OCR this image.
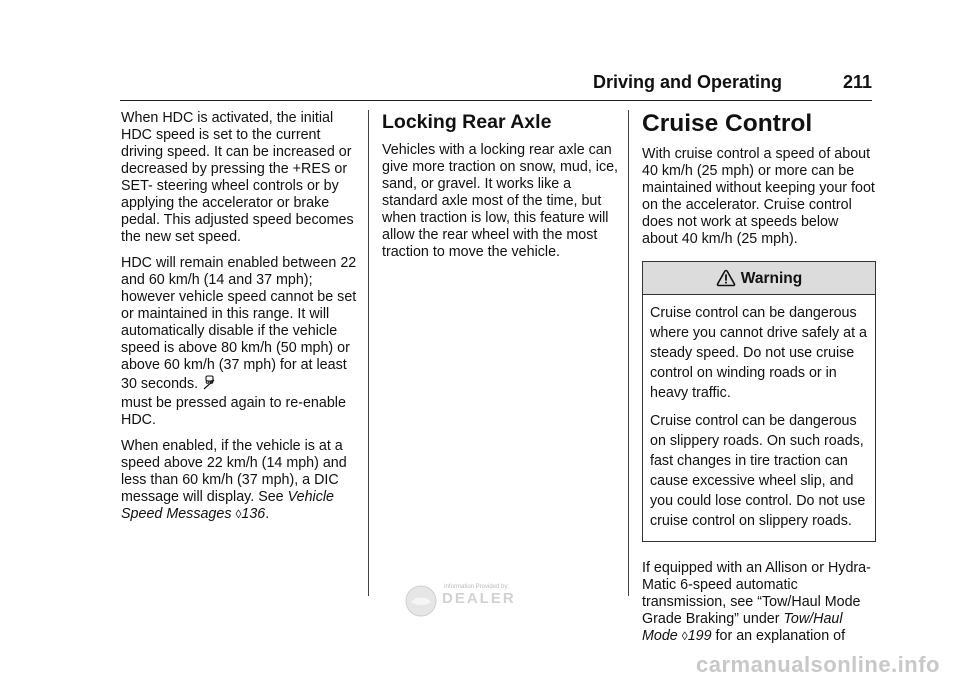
Driving and Operating	211

When HDC is activated, the initial HDC speed is set to the current driving speed. It can be increased or decreased by pressing the +RES or SET- steering wheel controls or by applying the accelerator or brake pedal. This adjusted speed becomes the new set speed.

HDC will remain enabled between 22 and 60 km/h (14 and 37 mph); however vehicle speed cannot be set or maintained in this range. It will automatically disable if the vehicle speed is above 80 km/h (50 mph) or above 60 km/h (37 mph) for at least 30 seconds.
must be pressed again to re-enable HDC.

When enabled, if the vehicle is at a speed above 22 km/h (14 mph) and less than 60 km/h (37 mph), a DIC message will display. See Vehicle Speed Messages ◊136.

Locking Rear Axle

Vehicles with a locking rear axle can give more traction on snow, mud, ice, sand, or gravel. It works like a standard axle most of the time, but when traction is low, this feature will allow the rear wheel with the most traction to move the vehicle.

Cruise Control

With cruise control a speed of about 40 km/h (25 mph) or more can be maintained without keeping your foot on the accelerator. Cruise control does not work at speeds below about 40 km/h (25 mph).

Warning

Cruise control can be dangerous where you cannot drive safely at a steady speed. Do not use cruise control on winding roads or in heavy traffic.

Cruise control can be dangerous on slippery roads. On such roads, fast changes in tire traction can cause excessive wheel slip, and you could lose control. Do not use cruise control on slippery roads.

If equipped with an Allison or Hydra-Matic 6-speed automatic transmission, see “Tow/Haul Mode Grade Braking” under Tow/Haul Mode ◊199 for an explanation of

Information Provided by:
DEALER
carmanualsonline.info
